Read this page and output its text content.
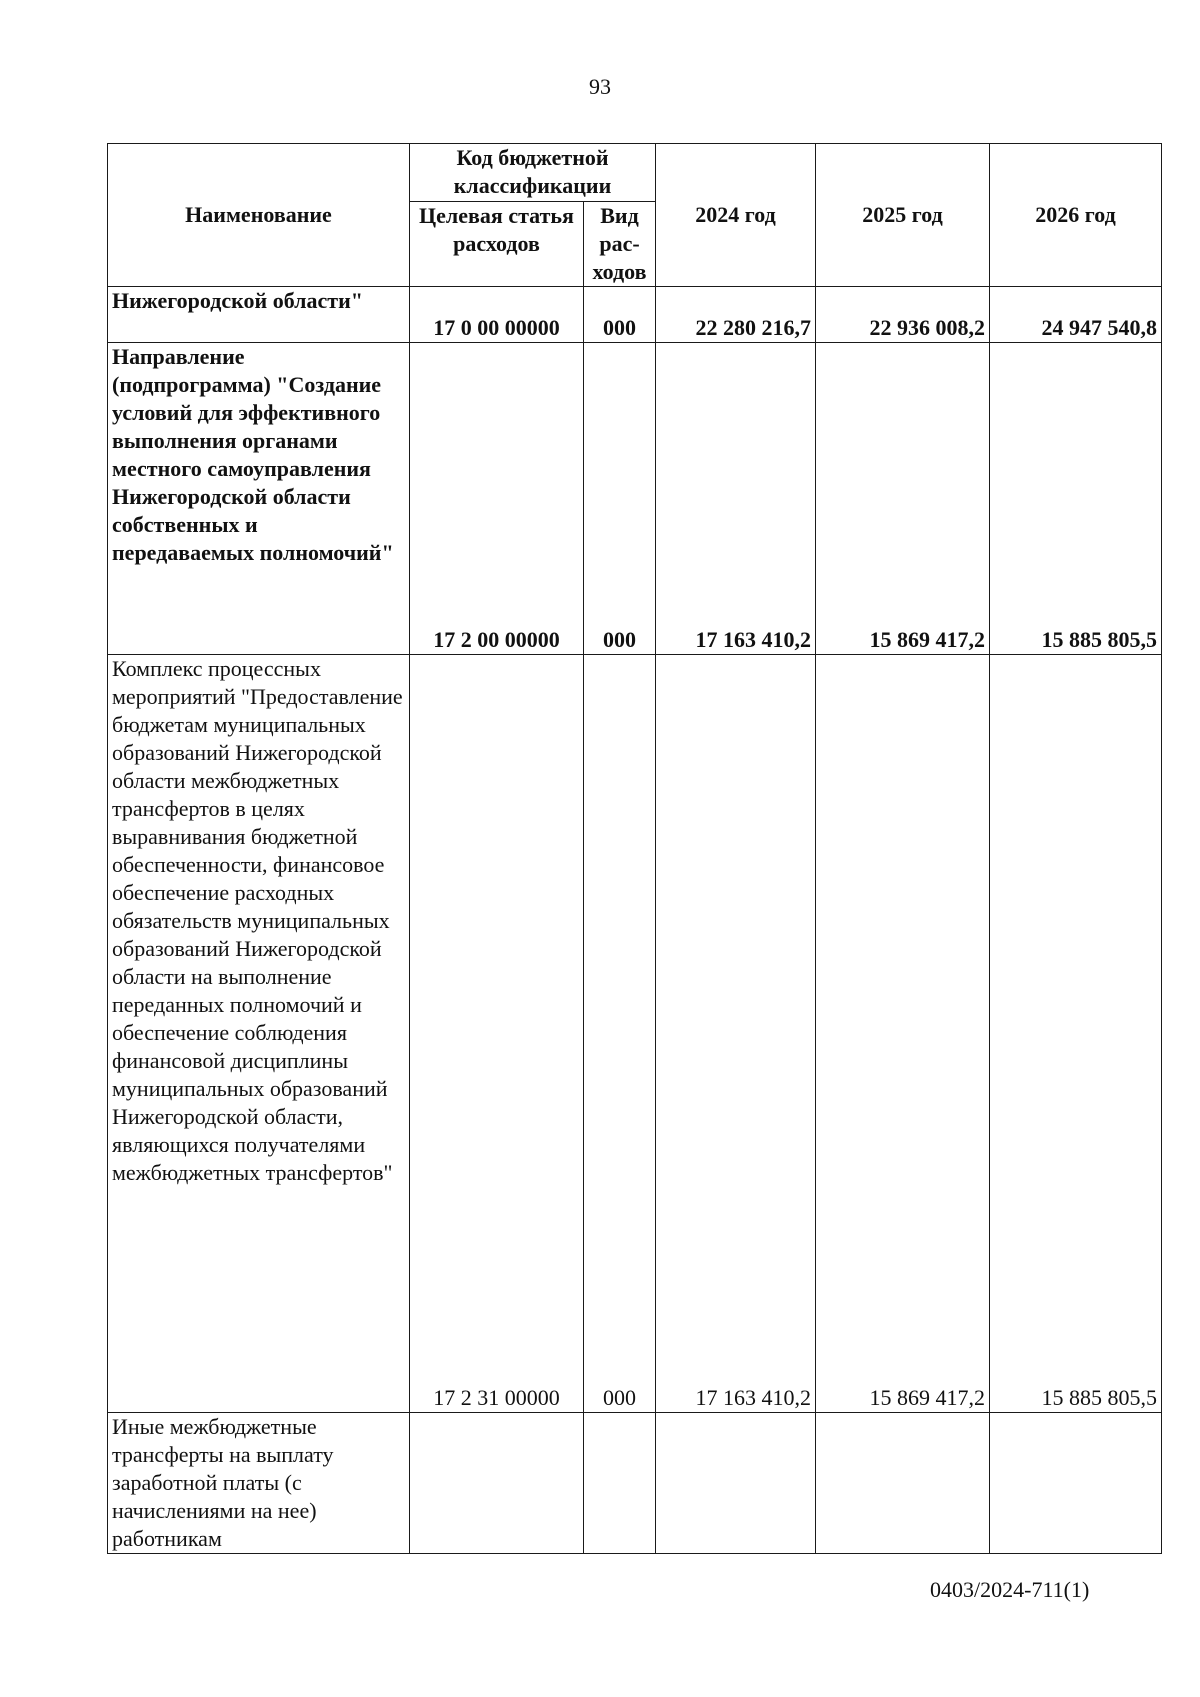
93
Наименование	Код бюджетной классификации		2024 год	2025 год	2026 год
	Целевая статья расходов	Вид рас-ходов			
Нижегородской области"	17 0 00 00000	000	22 280 216,7	22 936 008,2	24 947 540,8
Направление (подпрограмма) "Создание условий для эффективного выполнения органами местного самоуправления Нижегородской области собственных и передаваемых полномочий"	17 2 00 00000	000	17 163 410,2	15 869 417,2	15 885 805,5
Комплекс процессных мероприятий "Предоставление бюджетам муниципальных образований Нижегородской области межбюджетных трансфертов в целях выравнивания бюджетной обеспеченности, финансовое обеспечение расходных обязательств муниципальных образований Нижегородской области на выполнение переданных полномочий и обеспечение соблюдения финансовой дисциплины муниципальных образований Нижегородской области, являющихся получателями межбюджетных трансфертов"	17 2 31 00000	000	17 163 410,2	15 869 417,2	15 885 805,5
Иные межбюджетные трансферты на выплату заработной платы (с начислениями на нее) работникам					
0403/2024-711(1)
